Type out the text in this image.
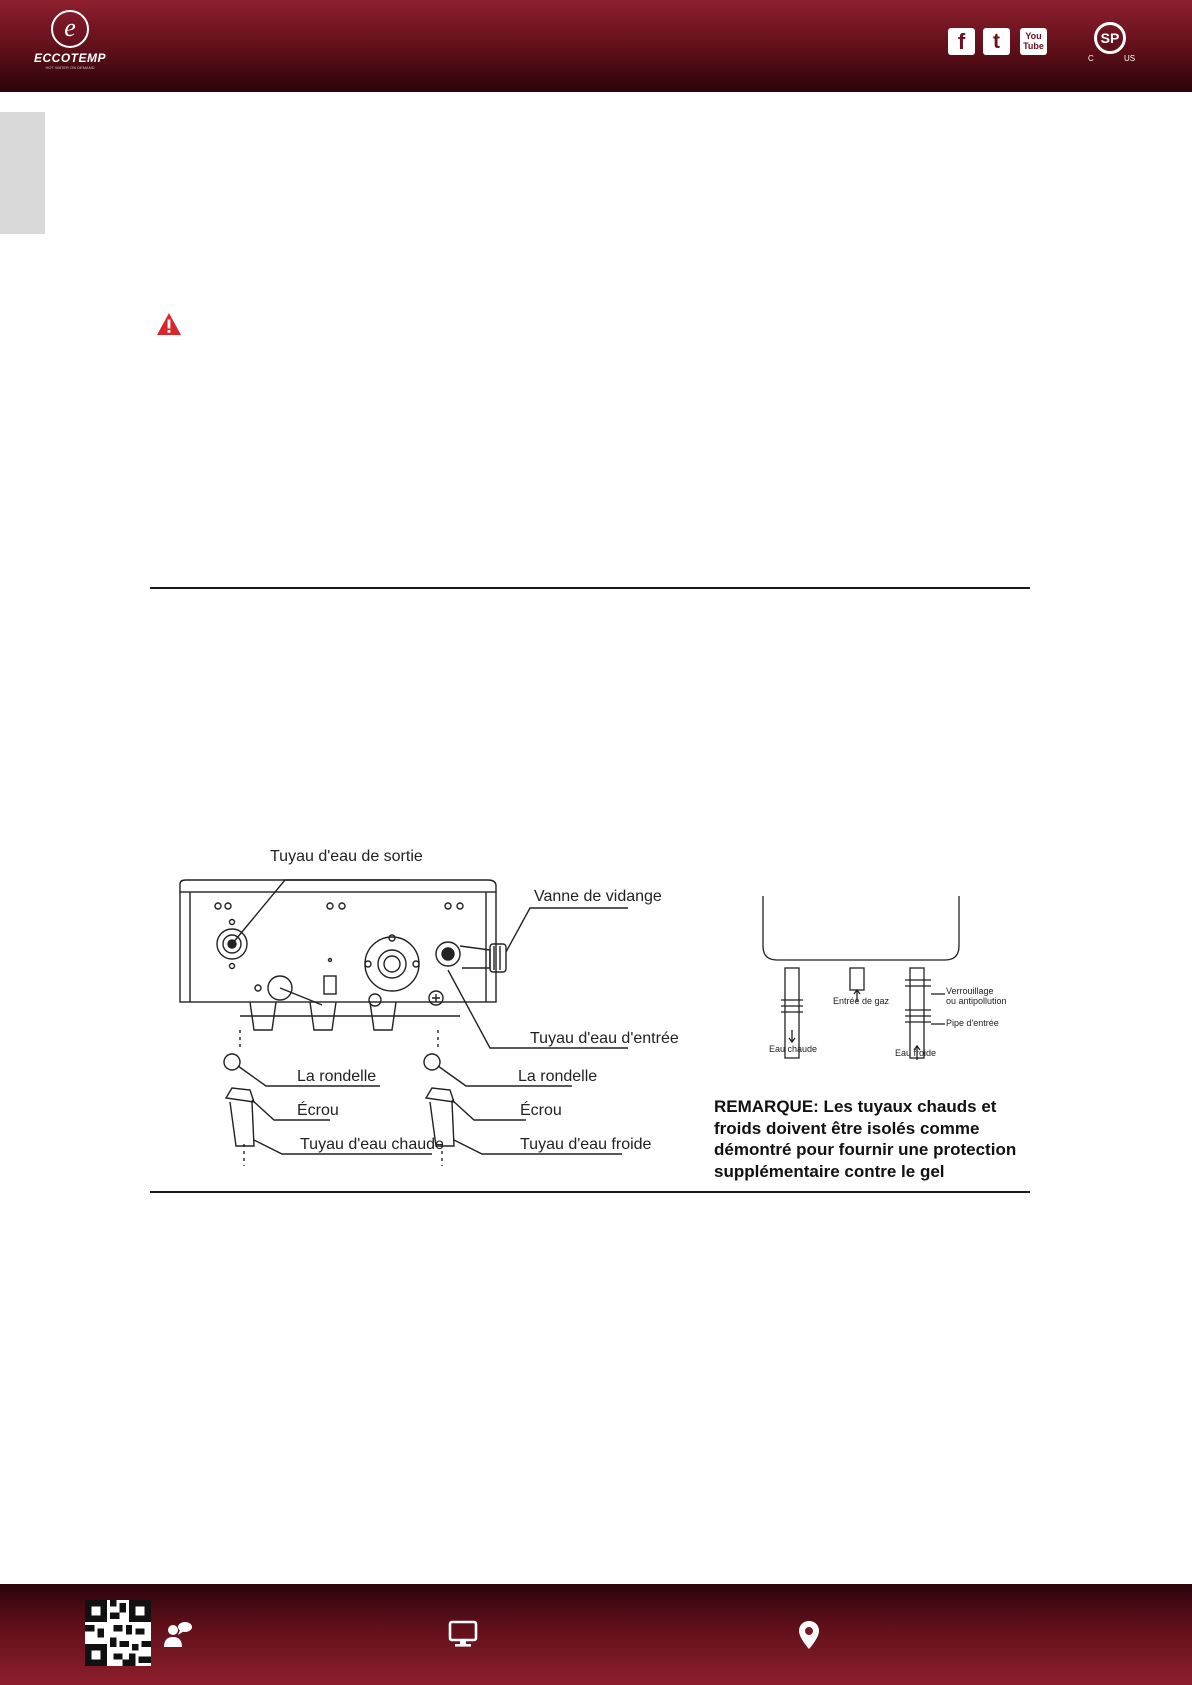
e
ECCOTEMP
HOT WATER ON DEMAND
f	t	You
Tube	SP
C	US
Tuyau d'eau de sortie
Vanne de vidange
Tuyau d'eau d'entrée
La rondelle	La rondelle
Écrou	Écrou
Tuyau d'eau chaude	Tuyau d'eau froide
Entrée de gaz
Verrouillage
ou antipollution
Pipe d'entrée
Eau chaude	Eau froide
REMARQUE: Les tuyaux chauds et froids doivent être isolés comme démontré pour fournir une protection supplémentaire contre le gel
